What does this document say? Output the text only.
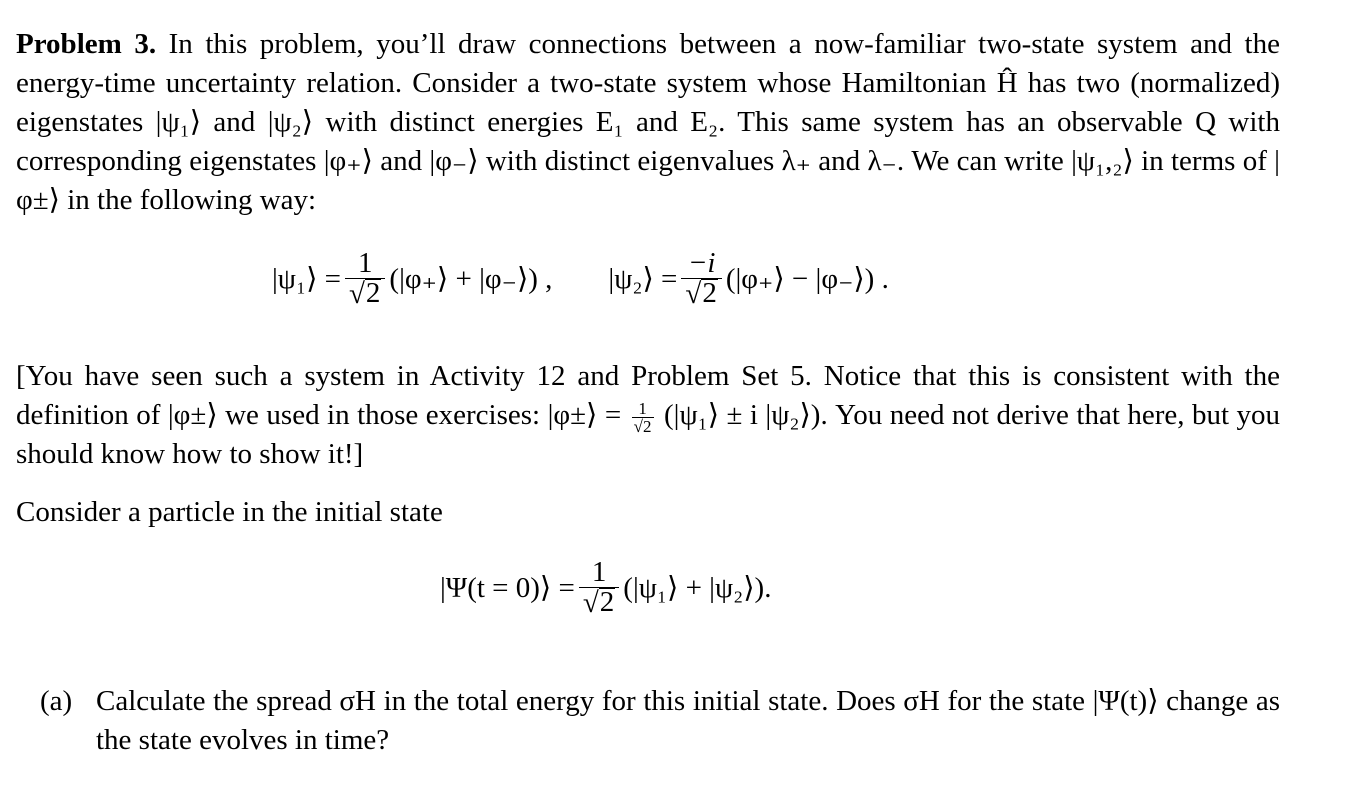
Problem 3. In this problem, you’ll draw connections between a now-familiar two-state system and the energy-time uncertainty relation. Consider a two-state system whose Hamiltonian Ĥ has two (normalized) eigenstates |ψ₁⟩ and |ψ₂⟩ with distinct energies E₁ and E₂. This same system has an observable Q with corresponding eigenstates |φ₊⟩ and |φ₋⟩ with distinct eigenvalues λ₊ and λ₋. We can write |ψ₁,₂⟩ in terms of |φ±⟩ in the following way:

|ψ₁⟩ = $\frac{1}{√ 2}$ (|φ₊⟩ + |φ₋⟩) , |ψ₂⟩ = $\frac{-i}{√ 2}$ (|φ₊⟩ − |φ₋⟩) .

[You have seen such a system in Activity 12 and Problem Set 5. Notice that this is consistent with the definition of |φ±⟩ we used in those exercises: |φ±⟩ = $\frac{1}{√2}$ (|ψ₁⟩ ± i |ψ₂⟩). You need not derive that here, but you should know how to show it!]

Consider a particle in the initial state

|Ψ(t = 0)⟩ = $\frac{1}{√ 2}$ (|ψ₁⟩ + |ψ₂⟩).
(a) Calculate the spread σH in the total energy for this initial state. Does σH for the state |Ψ(t)⟩ change as the state evolves in time?
